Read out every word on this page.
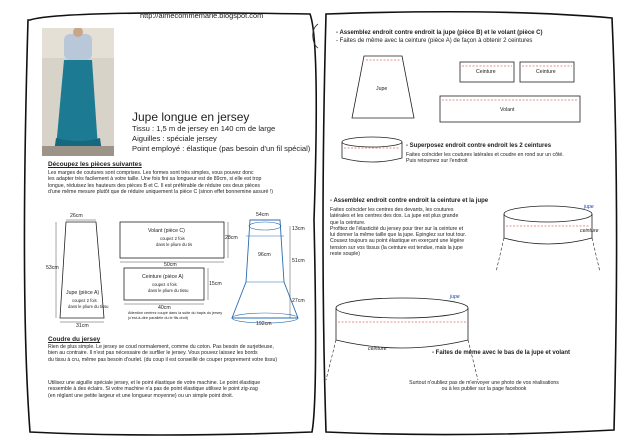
http://aimecommemarie.blogspot.com
Jupe longue en jersey
Tissu : 1,5 m de jersey en 140 cm de large
Aiguilles : spéciale jersey
Point employé : élastique (pas besoin d'un fil spécial)
Découpez les pièces suivantes
Les marges de coutures sont comprises. Les formes sont très simples, vous pouvez donc
les adapter très facilement à votre taille. Une fois fini sa longueur est de 89cm, si elle est trop
longue, réduisez les hauteurs des pièces B et C. Il est préférable de réduire ces deux pièces
d'une même mesure plutôt que de réduire uniquement la pièce C (sinon effet bonnemine assuré !)
26cm
53cm
Jupe (pièce A)
coupez 2 fois
dans le pliure du tissu
31cm
Volant (pièce C)
coupez 2 fois
dans le pliure du tis
28cm
50cm
Ceinture (pièce A)
coupez 4 fois
dans le pliure du tissu
15cm
40cm
Attention centrez coupé dans la suite du bapis du jersey
(c'est-à-dire parallèle du le fils droit)
54cm
13cm
96cm
51cm
27cm
192cm
Coudre du jersey
Rien de plus simple. Le jersey se coud normalement, comme du coton. Pas besoin de surjetteuse,
bien au contraire. Il n'est pas nécessaire de surfiler le jersey. Vous pouvez laissez les bords
du tissu à cru, même pas besoin d'ourlet. (du coup il est conseillé de couper proprement votre tissu)
Utilisez une aiguille spéciale jersey, et le point élastique de votre machine. Le point élastique
ressemble à des éclairs. Si votre machine n'a pas de point élastique utilisez le point zig-zag
(en réglant une petite largeur et une longueur moyenne) ou un simple point droit.
- Assemblez endroit contre endroit la jupe (pièce B) et le volant (pièce C)
- Faites de même avec la ceinture (pièce A) de façon à obtenir 2 ceintures
Jupe
Ceinture	Ceinture
Volant
- Superposez endroit contre endroit les 2 ceintures
Faites coïncider les coutures latérales et coudre en rond sur un côté.
Puis retournez sur l'endroit
- Assemblez endroit contre endroit la ceinture et la jupe
Faites coïncider les centres des devants, les coutures
latérales et les centres des dos. La jupe est plus grande
que la ceinture.
Profitez de l'élasticité du jersey pour tirer sur la ceinture et
lui donner la même taille que la jupe. Epinglez sur tout tour.
Cousez toujours au point élastique en exerçant une légère
tension sur vos tissus (la ceinture est tendue, mais la jupe
reste souple)
jupe
ceinture
jupe
ceinture
- Faites de même avec le bas de la jupe et volant
Surtout n'oubliez pas de m'envoyer une photo de vos réalisations
ou à les publier sur la page facebook
